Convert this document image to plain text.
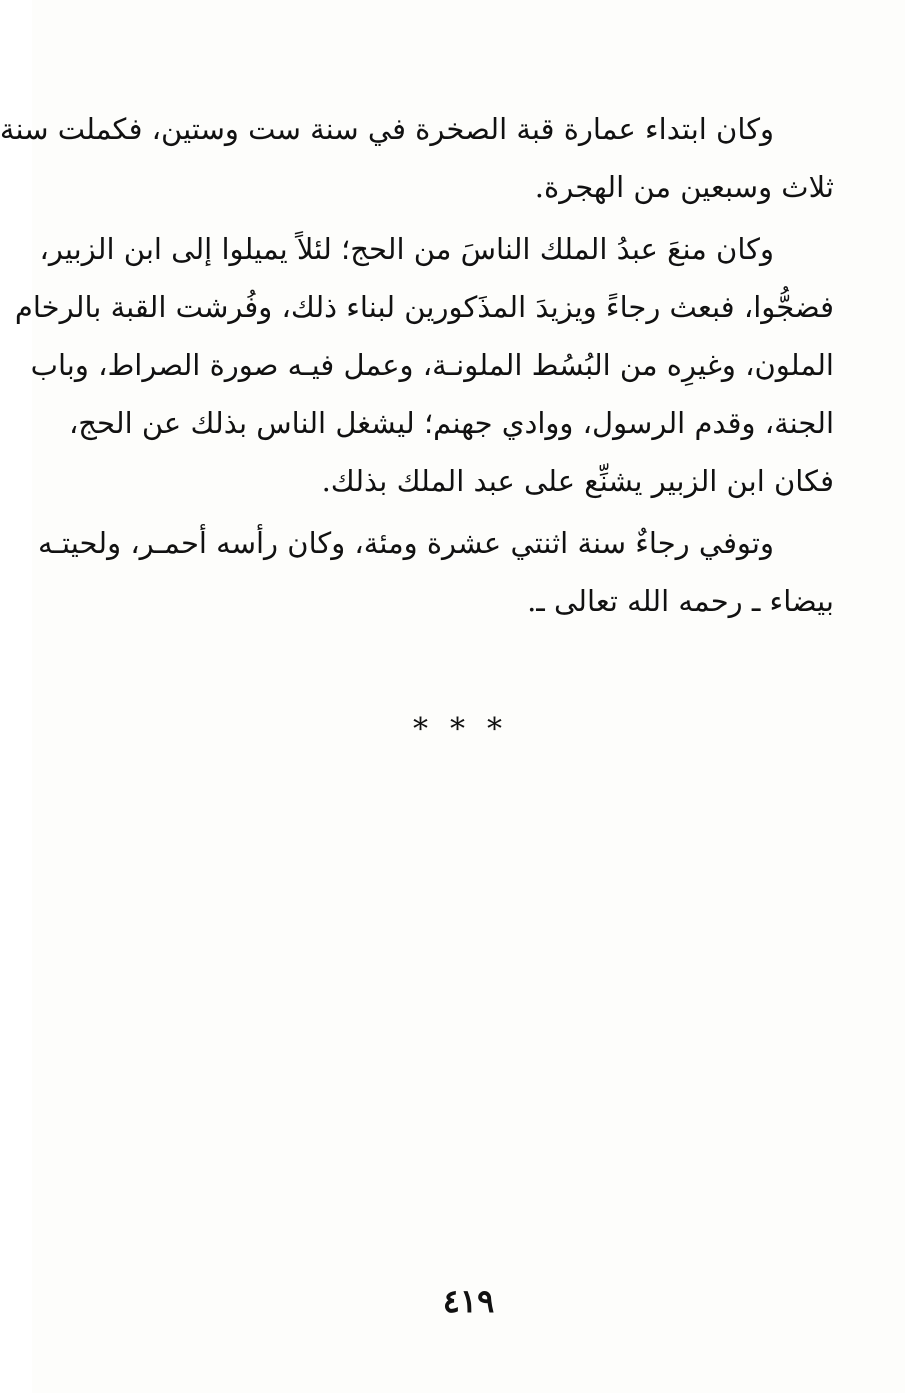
وكان ابتداء عمارة قبة الصخرة في سنة ست وستين، فكملت سنة
ثلاث وسبعين من الهجرة.
وكان منعَ عبدُ الملك الناسَ من الحج؛ لئلاً يميلوا إلى ابن الزبير،
فضجُّوا، فبعث رجاءً ويزيدَ المذَكورين لبناء ذلك، وفُرشت القبة بالرخام
الملون، وغيرِه من البُسُط الملونـة، وعمل فيـه صورة الصراط، وباب
الجنة، وقدم الرسول، ووادي جهنم؛ ليشغل الناس بذلك عن الحج،
فكان ابن الزبير يشنِّع على عبد الملك بذلك.
وتوفي رجاءٌ سنة اثنتي عشرة ومئة، وكان رأسه أحمـر، ولحيتـه
بيضاء ـ رحمه الله تعالى ـ.
***
٤١٩
